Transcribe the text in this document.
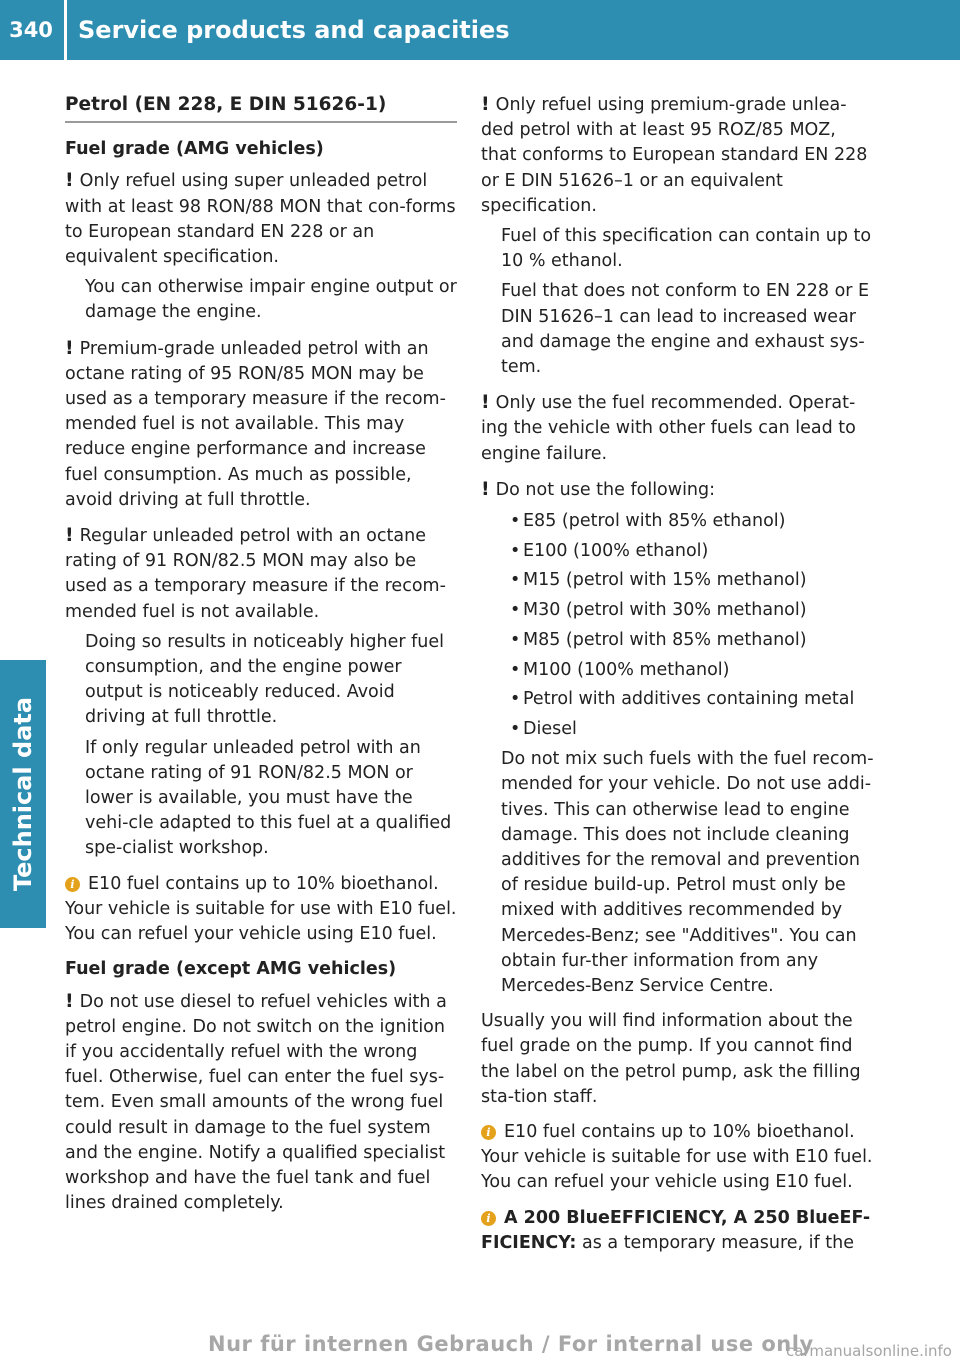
340	Service products and capacities
Technical data
Petrol (EN 228, E DIN 51626-1)
Fuel grade (AMG vehicles)

! Only refuel using super unleaded petrol with at least 98 RON/88 MON that con-forms to European standard EN 228 or an equivalent specification.

You can otherwise impair engine output or damage the engine.

! Premium-grade unleaded petrol with an octane rating of 95 RON/85 MON may be used as a temporary measure if the recom-mended fuel is not available. This may reduce engine performance and increase fuel consumption. As much as possible, avoid driving at full throttle.

! Regular unleaded petrol with an octane rating of 91 RON/82.5 MON may also be used as a temporary measure if the recom-mended fuel is not available.

Doing so results in noticeably higher fuel consumption, and the engine power output is noticeably reduced. Avoid driving at full throttle.

If only regular unleaded petrol with an octane rating of 91 RON/82.5 MON or lower is available, you must have the vehi-cle adapted to this fuel at a qualified spe-cialist workshop.

i E10 fuel contains up to 10% bioethanol. Your vehicle is suitable for use with E10 fuel. You can refuel your vehicle using E10 fuel.

Fuel grade (except AMG vehicles)

! Do not use diesel to refuel vehicles with a petrol engine. Do not switch on the ignition if you accidentally refuel with the wrong fuel. Otherwise, fuel can enter the fuel sys-tem. Even small amounts of the wrong fuel could result in damage to the fuel system and the engine. Notify a qualified specialist workshop and have the fuel tank and fuel lines drained completely.

! Only refuel using premium-grade unlea-ded petrol with at least 95 ROZ/85 MOZ, that conforms to European standard EN 228 or E DIN 51626–1 or an equivalent specification.

Fuel of this specification can contain up to 10 % ethanol.

Fuel that does not conform to EN 228 or E DIN 51626–1 can lead to increased wear and damage the engine and exhaust sys-tem.

! Only use the fuel recommended. Operat-ing the vehicle with other fuels can lead to engine failure.

! Do not use the following:

• E85 (petrol with 85% ethanol)
• E100 (100% ethanol)
• M15 (petrol with 15% methanol)
• M30 (petrol with 30% methanol)
• M85 (petrol with 85% methanol)
• M100 (100% methanol)
• Petrol with additives containing metal
• Diesel

Do not mix such fuels with the fuel recom-mended for your vehicle. Do not use addi-tives. This can otherwise lead to engine damage. This does not include cleaning additives for the removal and prevention of residue build-up. Petrol must only be mixed with additives recommended by Mercedes-Benz; see "Additives". You can obtain fur-ther information from any Mercedes-Benz Service Centre.

Usually you will find information about the fuel grade on the pump. If you cannot find the label on the petrol pump, ask the filling sta-tion staff.

i E10 fuel contains up to 10% bioethanol. Your vehicle is suitable for use with E10 fuel. You can refuel your vehicle using E10 fuel.

i A 200 BlueEFFICIENCY, A 250 BlueEF-FICIENCY: as a temporary measure, if the

Nur für internen Gebrauch / For internal use only
carmanualsonline.info
